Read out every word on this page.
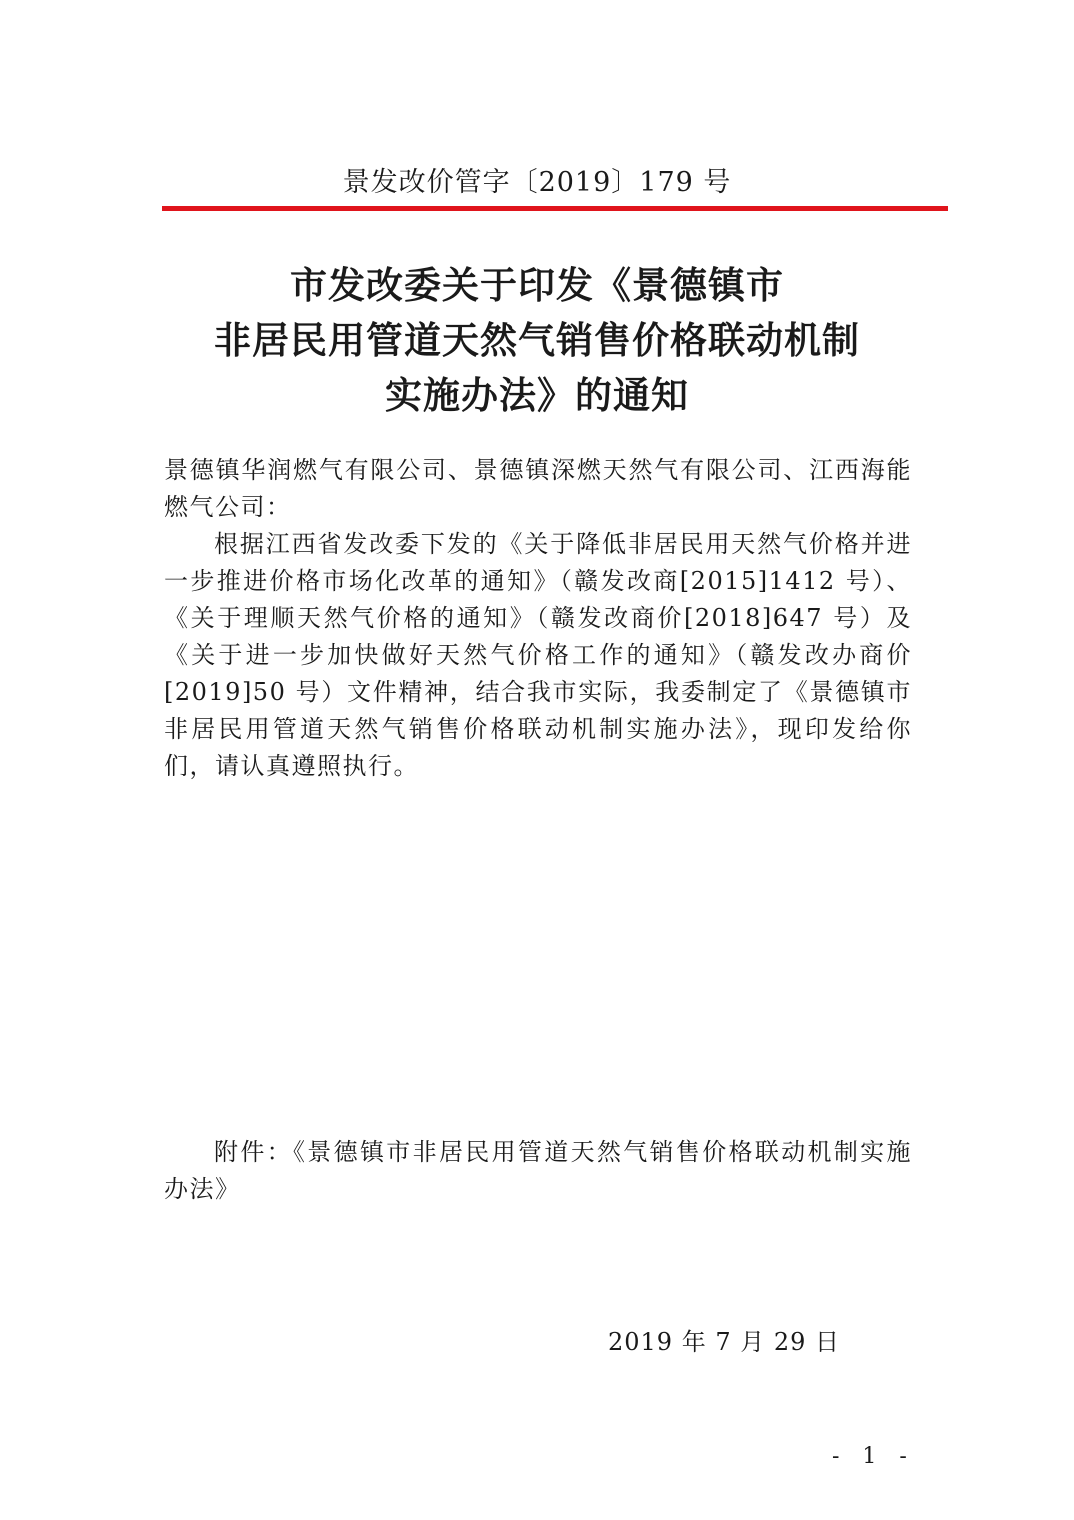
景发改价管字〔2019〕179 号
市发改委关于印发《景德镇市
非居民用管道天然气销售价格联动机制
实施办法》的通知
景德镇华润燃气有限公司、景德镇深燃天然气有限公司、江西海能燃气公司：
根据江西省发改委下发的《关于降低非居民用天然气价格并进一步推进价格市场化改革的通知》（赣发改商[2015]1412 号）、《关于理顺天然气价格的通知》（赣发改商价[2018]647 号）及《关于进一步加快做好天然气价格工作的通知》（赣发改办商价[2019]50 号）文件精神，结合我市实际，我委制定了《景德镇市非居民用管道天然气销售价格联动机制实施办法》，现印发给你们，请认真遵照执行。
附件：《景德镇市非居民用管道天然气销售价格联动机制实施办法》
2019 年 7 月 29 日
- 1 -
